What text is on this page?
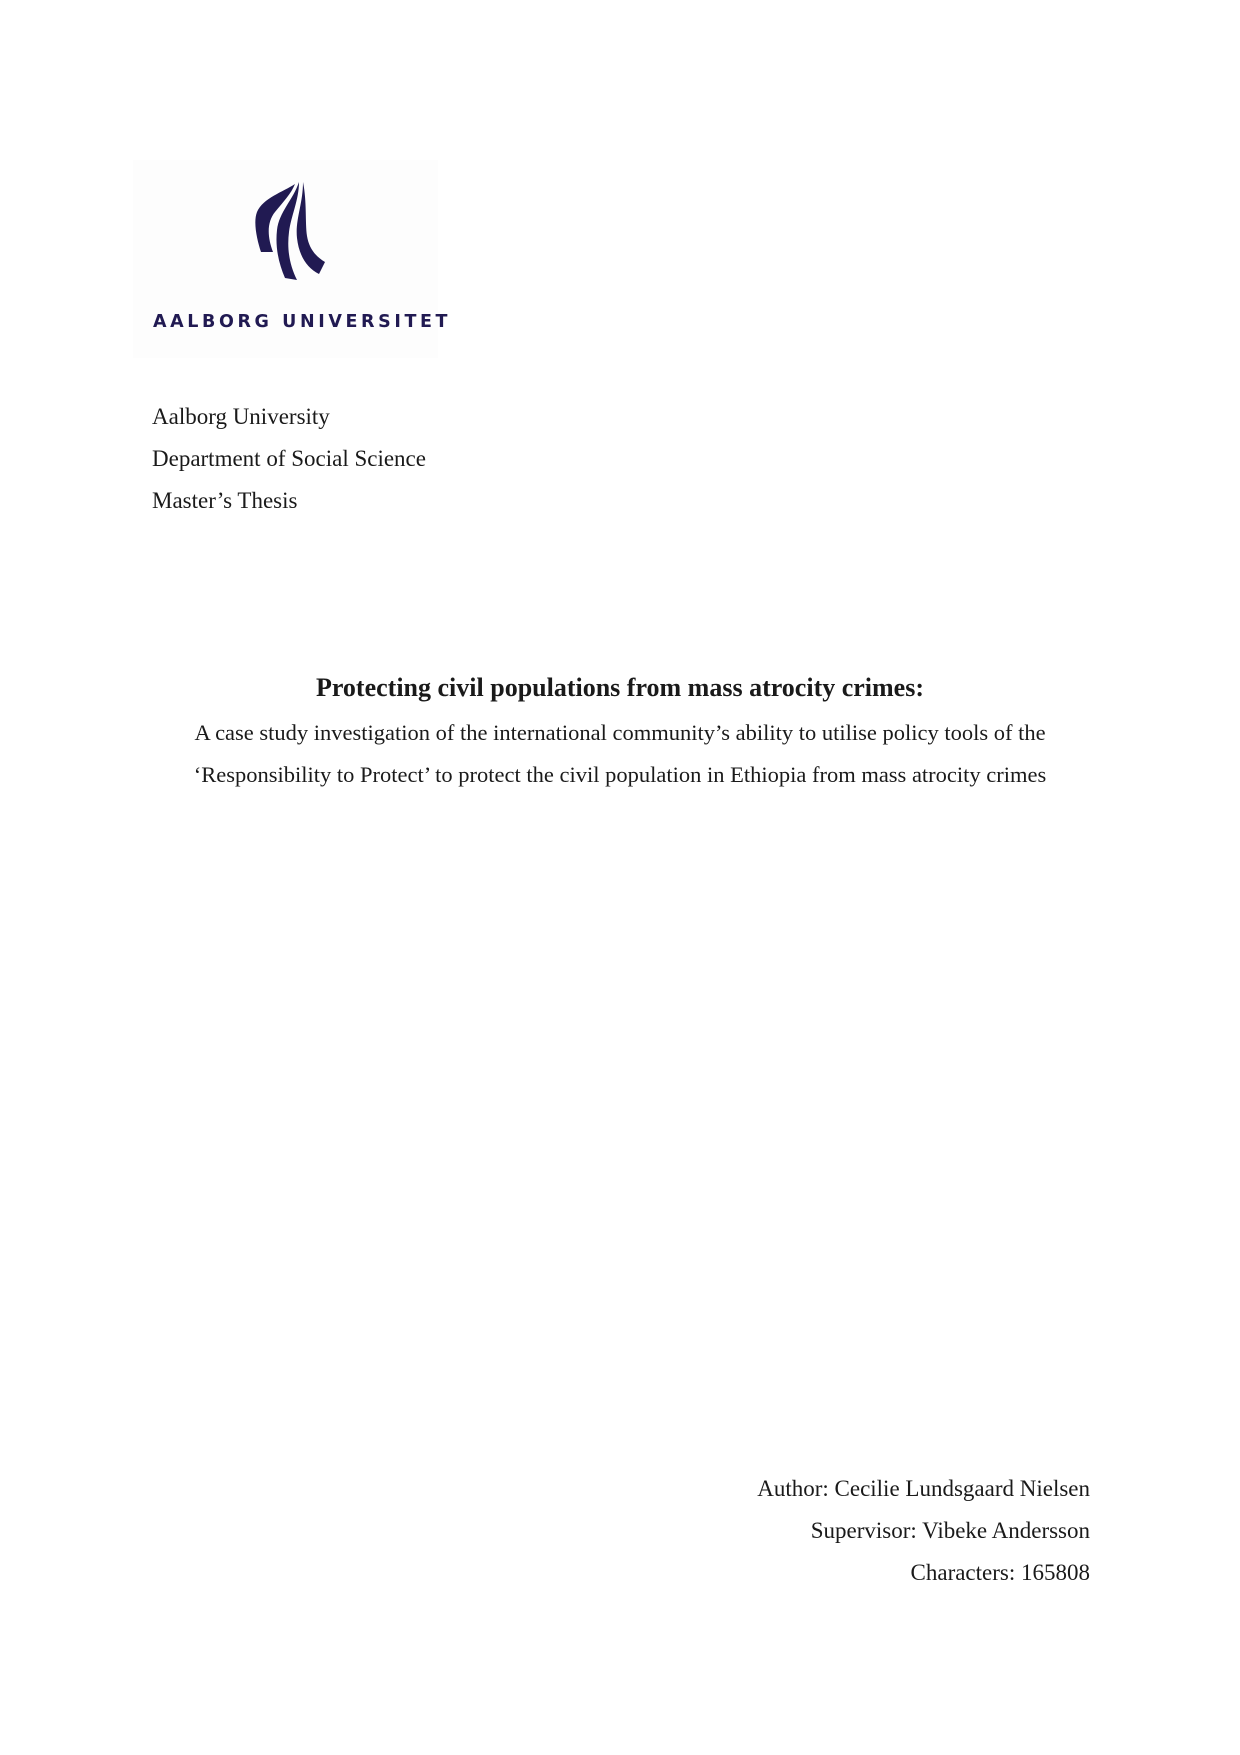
AALBORG UNIVERSITET
Aalborg University
Department of Social Science
Master’s Thesis
Protecting civil populations from mass atrocity crimes:
A case study investigation of the international community’s ability to utilise policy tools of the
‘Responsibility to Protect’ to protect the civil population in Ethiopia from mass atrocity crimes
Author: Cecilie Lundsgaard Nielsen
Supervisor: Vibeke Andersson
Characters: 165808
